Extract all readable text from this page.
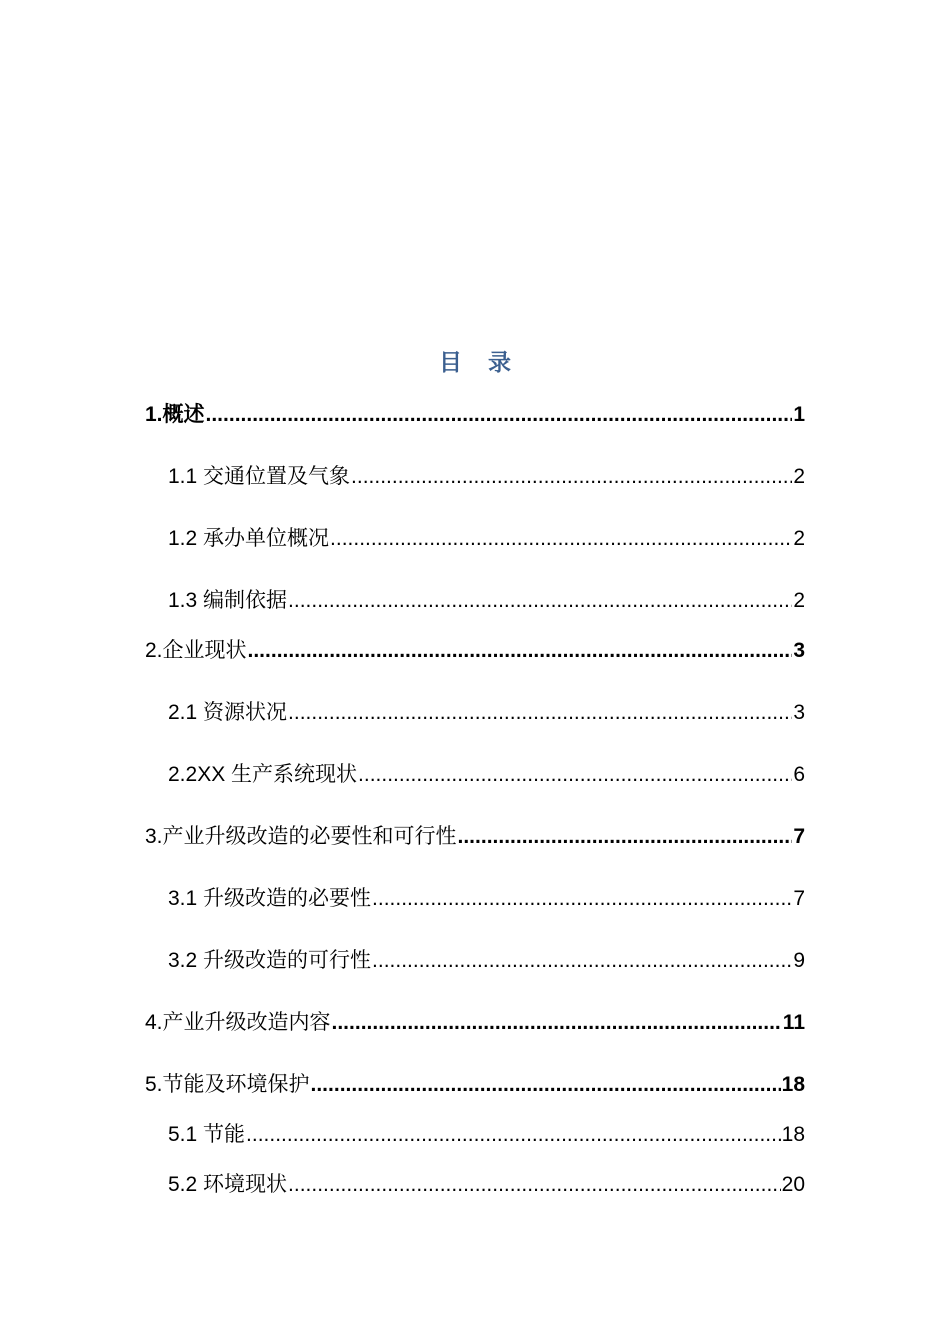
目 录
1.概述 .....	1
1.1 交通位置及气象 .....	2
1.2 承办单位概况 .....	2
1.3 编制依据 .....	2
2.企业现状 .....	3
2.1 资源状况 .....	3
2.2XX 生产系统现状 .....	6
3.产业升级改造的必要性和可行性 .....	7
3.1 升级改造的必要性 .....	7
3.2 升级改造的可行性 .....	9
4.产业升级改造内容 .....	11
5.节能及环境保护 .....	18
5.1 节能 .....	18
5.2 环境现状 .....	20
